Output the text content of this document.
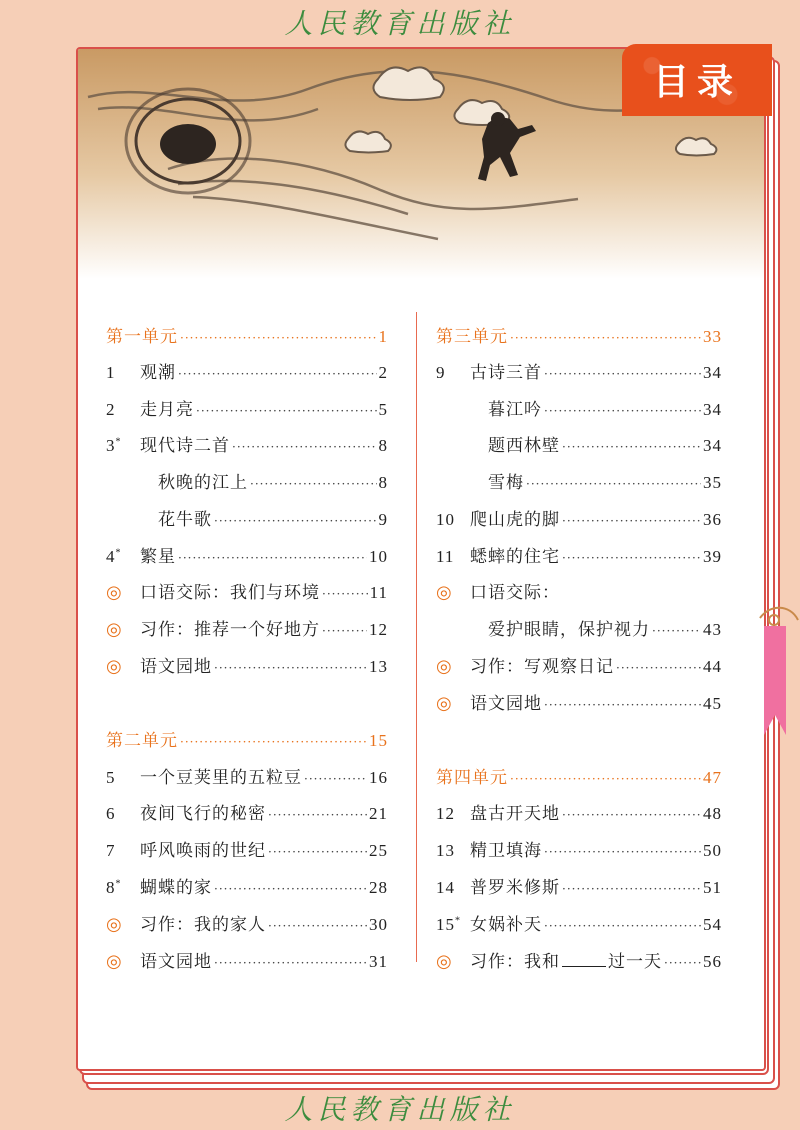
人民教育出版社
第一单元 ·····	1
1	观潮 ·····	2
2	走月亮 ·····	5
3*	现代诗二首 ·····	8
秋晚的江上 ·····	8
花牛歌 ·····	9
4*	繁星 ·····	10
◎	口语交际：我们与环境 ·····	11
◎	习作：推荐一个好地方 ·····	12
◎	语文园地 ·····	13
第二单元 ·····	15
5	一个豆荚里的五粒豆 ·····	16
6	夜间飞行的秘密 ·····	21
7	呼风唤雨的世纪 ·····	25
8*	蝴蝶的家 ·····	28
◎	习作：我的家人 ·····	30
◎	语文园地 ·····	31
第三单元 ·····	33
9	古诗三首 ·····	34
暮江吟 ·····	34
题西林壁 ·····	34
雪梅 ·····	35
10 爬山虎的脚 ·····	36
11 蟋蟀的住宅 ·····	39
◎	口语交际：
爱护眼睛，保护视力 ·····	43
◎	习作：写观察日记 ·····	44
◎	语文园地 ·····	45
第四单元 ·····	47
12 盘古开天地 ·····	48
13 精卫填海 ·····	50
14 普罗米修斯 ·····	51
15* 女娲补天 ·····	54
◎	习作：我和	过一天 ····· 56
目录
人民教育出版社
